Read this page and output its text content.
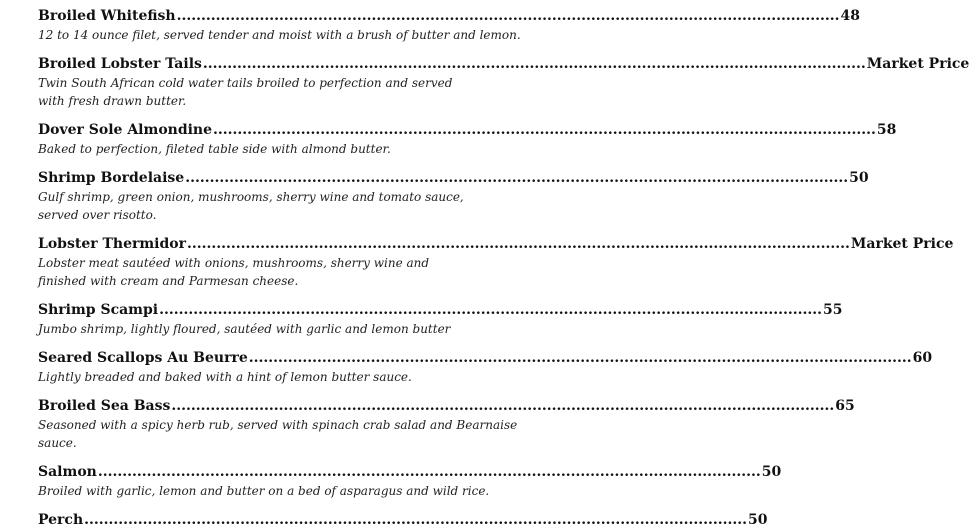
Broiled Whitefish ........................................................................................................................................ 48
12 to 14 ounce filet, served tender and moist with a brush of butter and lemon.
Broiled Lobster Tails ........................................................................................................................................ Market Price
Twin South African cold water tails broiled to perfection and served with fresh drawn butter.
Dover Sole Almondine ........................................................................................................................................ 58
Baked to perfection, fileted table side with almond butter.
Shrimp Bordelaise ........................................................................................................................................ 50
Gulf shrimp, green onion, mushrooms, sherry wine and tomato sauce, served over risotto.
Lobster Thermidor ........................................................................................................................................ Market Price
Lobster meat sautéed with onions, mushrooms, sherry wine and finished with cream and Parmesan cheese.
Shrimp Scampi ........................................................................................................................................ 55
Jumbo shrimp, lightly floured, sautéed with garlic and lemon butter
Seared Scallops Au Beurre ........................................................................................................................................ 60
Lightly breaded and baked with a hint of lemon butter sauce.
Broiled Sea Bass ........................................................................................................................................ 65
Seasoned with a spicy herb rub, served with spinach crab salad and Bearnaise sauce.
Salmon ........................................................................................................................................ 50
Broiled with garlic, lemon and butter on a bed of asparagus and wild rice.
Perch ........................................................................................................................................ 50
